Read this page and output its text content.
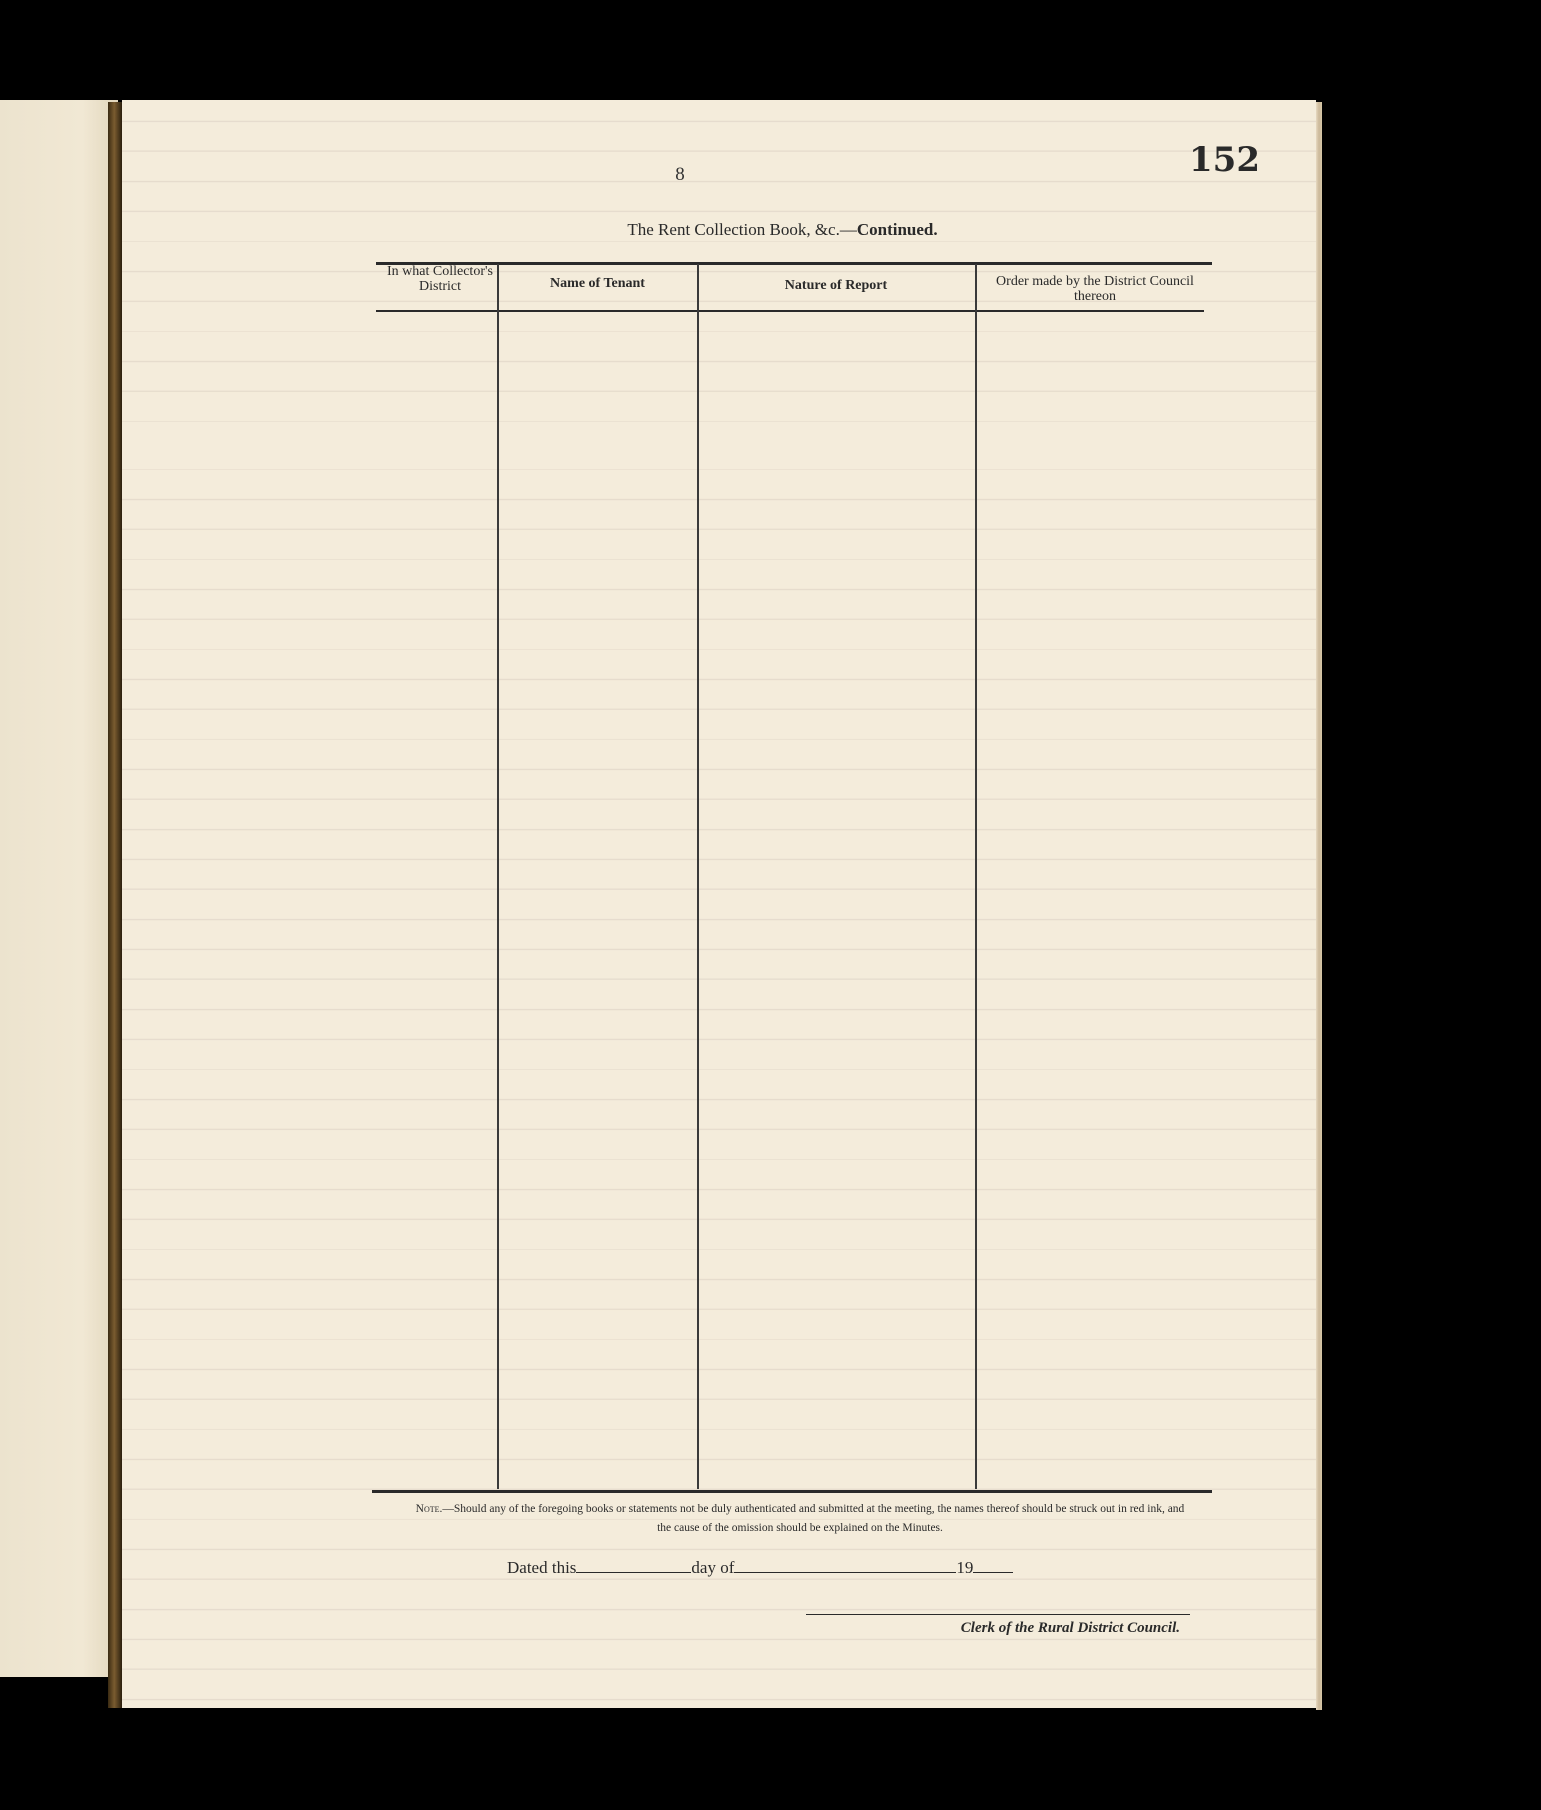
8	152
The Rent Collection Book, &c.—Continued.
In what Collector's District	Name of Tenant	Nature of Report	Order made by the District Council thereon
Note.—Should any of the foregoing books or statements not be duly authenticated and submitted at the meeting, the names thereof should be struck out in red ink, and the cause of the omission should be explained on the Minutes.
Dated this	day of	19
Clerk of the Rural District Council.
